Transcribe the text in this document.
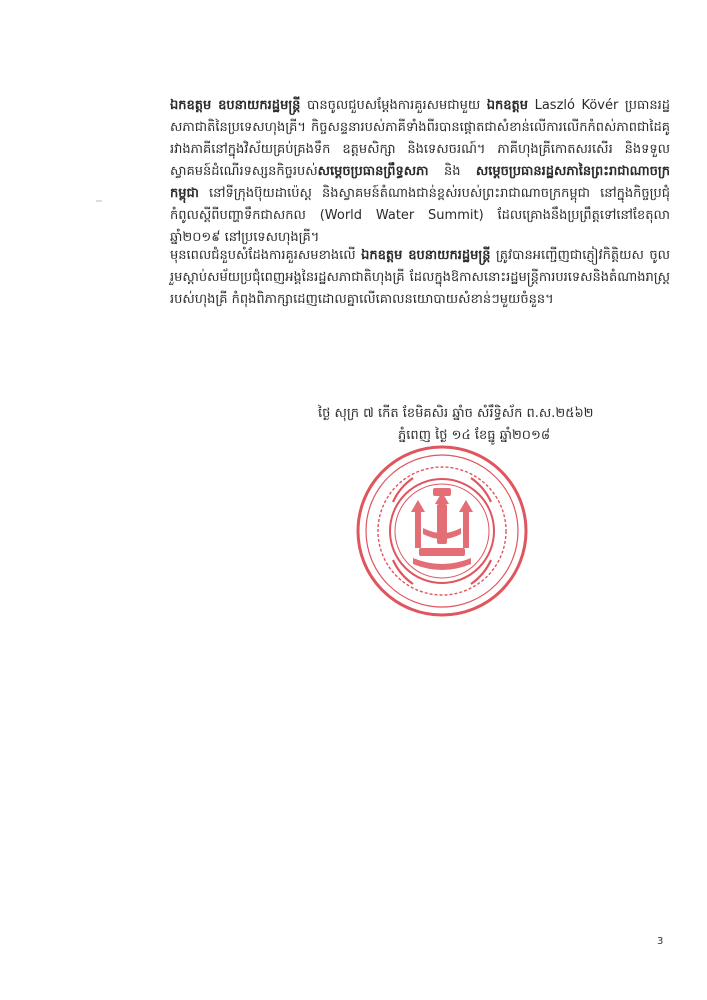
ឯកឧត្តម ឧបនាយករដ្ឋមន្ត្រី បានចូលជួបសម្តែងការគួរសមជាមួយ ឯកឧត្តម Laszló Kövér ប្រធានរដ្ឋសភាជាតិនៃប្រទេសហុងគ្រី។ កិច្ចសន្ទនារបស់ភាគីទាំងពីរបានផ្តោតជាសំខាន់លើការលើកកំពស់ភាពជាដៃគូរវាងភាគីនៅក្នុងវិស័យគ្រប់គ្រងទឹក ឧត្តមសិក្សា និងទេសចរណ៍។ ភាគីហុងគ្រីកោតសរសើរ និងទទួលស្វាគមន៍ដំណើរទស្សនកិច្ចរបស់សម្តេចប្រធានព្រឹទ្ធសភា និង សម្តេចប្រធានរដ្ឋសភានៃព្រះរាជាណាចក្រកម្ពុជា នៅទីក្រុងប៊ុយដាប៉េស្ត និងស្វាគមន៍តំណាងជាន់ខ្ពស់របស់ព្រះរាជាណាចក្រកម្ពុជា នៅក្នុងកិច្ចប្រជុំកំពូលស្តីពីបញ្ហាទឹកជាសកល (World Water Summit) ដែលគ្រោងនឹងប្រព្រឹត្តទៅនៅខែតុលា ឆ្នាំ២០១៩ នៅប្រទេសហុងគ្រី។

មុនពេលជំនួបសំដែងការគួរសមខាងលើ ឯកឧត្តម ឧបនាយករដ្ឋមន្ត្រី ត្រូវបានអញ្ជើញជាភ្ញៀវកិត្តិយស ចូលរួមស្តាប់សម័យប្រជុំពេញអង្គនៃរដ្ឋសភាជាតិហុងគ្រី ដែលក្នុងឱកាសនោះរដ្ឋមន្ត្រីការបរទេសនិងតំណាងរាស្ត្ររបស់ហុងគ្រី កំពុងពិភាក្សាដេញដោលគ្នាលើគោលនយោបាយសំខាន់ៗមួយចំនួន។

ថ្ងៃ សុក្រ ៧ កើត ខែមិគសិរ ឆ្នាំច សំរឹទ្ធិស័ក ព.ស.២៥៦២
ភ្នំពេញ ថ្ងៃ ១៤ ខែធ្នូ ឆ្នាំ២០១៨
3
